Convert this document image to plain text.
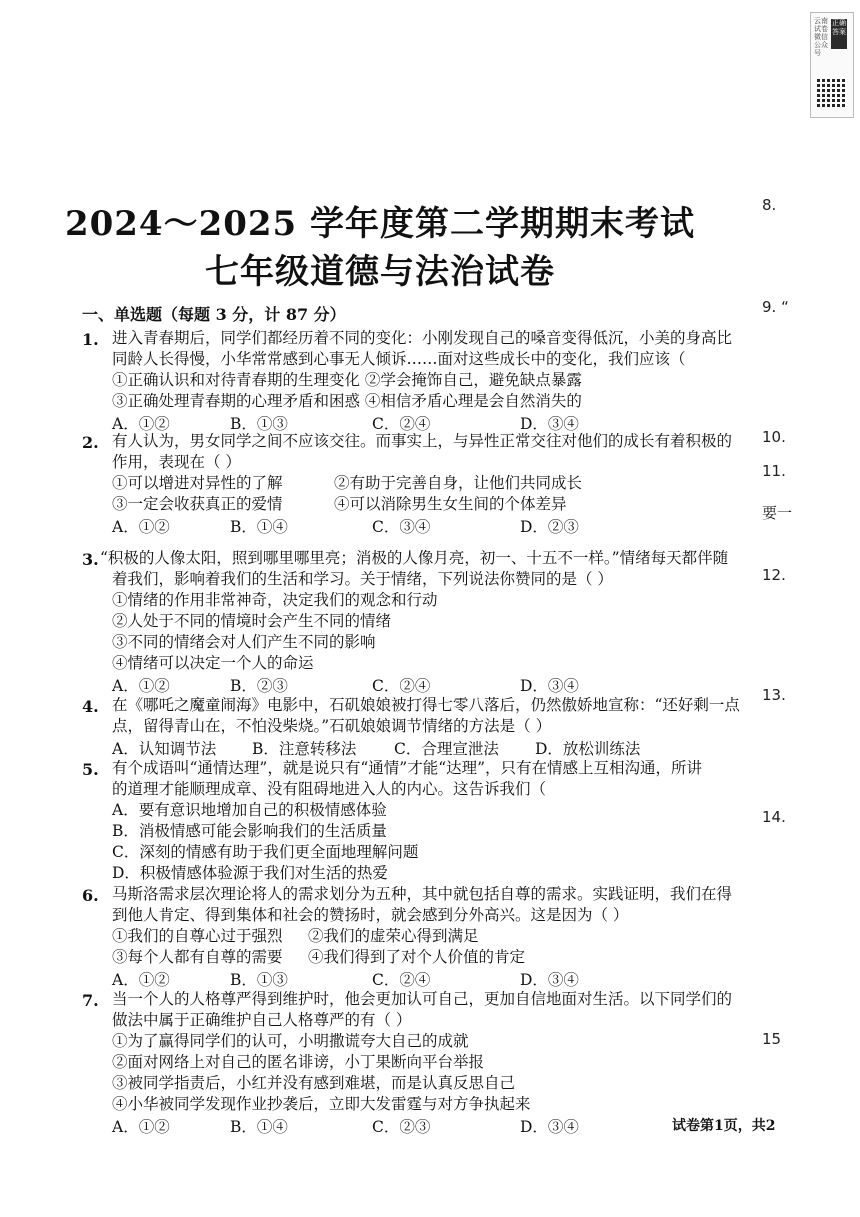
云南试卷微信公众号
正确答案
2024～2025 学年度第二学期期末考试
七年级道德与法治试卷
一、单选题（每题 3 分，计 87 分）
1. 进入青春期后，同学们都经历着不同的变化：小刚发现自己的嗓音变得低沉，小美的身高比
同龄人长得慢，小华常常感到心事无人倾诉……面对这些成长中的变化，我们应该（
①正确认识和对待青春期的生理变化 ②学会掩饰自己，避免缺点暴露
③正确处理青春期的心理矛盾和困惑 ④相信矛盾心理是会自然消失的
A．①②	B．①③	C．②④	D．③④
2. 有人认为，男女同学之间不应该交往。而事实上，与异性正常交往对他们的成长有着积极的
作用，表现在（ ）
①可以增进对异性的了解	②有助于完善自身，让他们共同成长
③一定会收获真正的爱情	④可以消除男生女生间的个体差异
A．①②	B．①④	C．③④	D．②③
3. “积极的人像太阳，照到哪里哪里亮；消极的人像月亮，初一、十五不一样。”情绪每天都伴随
着我们，影响着我们的生活和学习。关于情绪，下列说法你赞同的是（ ）
①情绪的作用非常神奇，决定我们的观念和行动
②人处于不同的情境时会产生不同的情绪
③不同的情绪会对人们产生不同的影响
④情绪可以决定一个人的命运
A．①②	B．②③	C．②④	D．③④
4. 在《哪吒之魔童闹海》电影中，石矶娘娘被打得七零八落后，仍然傲娇地宣称：“还好剩一点
点，留得青山在，不怕没柴烧。”石矶娘娘调节情绪的方法是（ ）
A．认知调节法 B．注意转移法 C．合理宣泄法 D．放松训练法
5. 有个成语叫“通情达理”，就是说只有“通情”才能“达理”，只有在情感上互相沟通，所讲
的道理才能顺理成章、没有阻碍地进入人的内心。这告诉我们（
A．要有意识地增加自己的积极情感体验
B．消极情感可能会影响我们的生活质量
C．深刻的情感有助于我们更全面地理解问题
D．积极情感体验源于我们对生活的热爱
6. 马斯洛需求层次理论将人的需求划分为五种，其中就包括自尊的需求。实践证明，我们在得
到他人肯定、得到集体和社会的赞扬时，就会感到分外高兴。这是因为（ ）
①我们的自尊心过于强烈 ②我们的虚荣心得到满足
③每个人都有自尊的需要 ④我们得到了对个人价值的肯定
A．①②	B．①③	C．②④	D．③④
7. 当一个人的人格尊严得到维护时，他会更加认可自己，更加自信地面对生活。以下同学们的
做法中属于正确维护自己人格尊严的有（ ）
①为了赢得同学们的认可，小明撒谎夸大自己的成就
②面对网络上对自己的匿名诽谤，小丁果断向平台举报
③被同学指责后，小红并没有感到难堪，而是认真反思自己
④小华被同学发现作业抄袭后，立即大发雷霆与对方争执起来
A．①②	B．①④	C．②③	D．③④
8.
9. “
10.
11.
要一
12.
13.
14.
15
试卷第1页，共2
